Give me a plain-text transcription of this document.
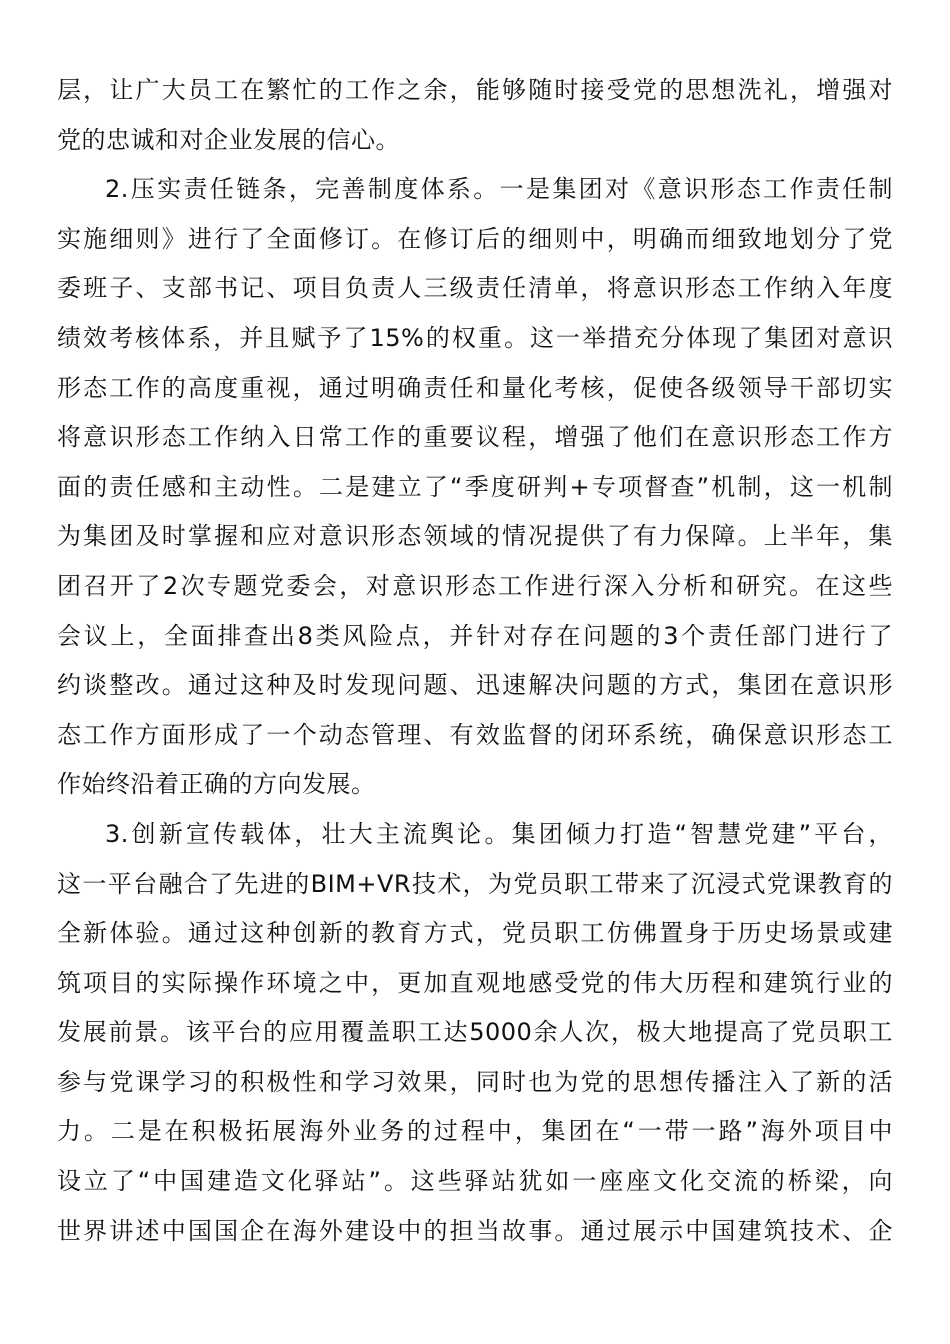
层，让广大员工在繁忙的工作之余，能够随时接受党的思想洗礼，增强对
党的忠诚和对企业发展的信心。
2.压实责任链条，完善制度体系。一是集团对《意识形态工作责任制
实施细则》进行了全面修订。在修订后的细则中，明确而细致地划分了党
委班子、支部书记、项目负责人三级责任清单，将意识形态工作纳入年度
绩效考核体系，并且赋予了15%的权重。这一举措充分体现了集团对意识
形态工作的高度重视，通过明确责任和量化考核，促使各级领导干部切实
将意识形态工作纳入日常工作的重要议程，增强了他们在意识形态工作方
面的责任感和主动性。二是建立了“季度研判+专项督查”机制，这一机制
为集团及时掌握和应对意识形态领域的情况提供了有力保障。上半年，集
团召开了2次专题党委会，对意识形态工作进行深入分析和研究。在这些
会议上，全面排查出8类风险点，并针对存在问题的3个责任部门进行了
约谈整改。通过这种及时发现问题、迅速解决问题的方式，集团在意识形
态工作方面形成了一个动态管理、有效监督的闭环系统，确保意识形态工
作始终沿着正确的方向发展。
3.创新宣传载体，壮大主流舆论。集团倾力打造“智慧党建”平台，
这一平台融合了先进的BIM+VR技术，为党员职工带来了沉浸式党课教育的
全新体验。通过这种创新的教育方式，党员职工仿佛置身于历史场景或建
筑项目的实际操作环境之中，更加直观地感受党的伟大历程和建筑行业的
发展前景。该平台的应用覆盖职工达5000余人次，极大地提高了党员职工
参与党课学习的积极性和学习效果，同时也为党的思想传播注入了新的活
力。二是在积极拓展海外业务的过程中，集团在“一带一路”海外项目中
设立了“中国建造文化驿站”。这些驿站犹如一座座文化交流的桥梁，向
世界讲述中国国企在海外建设中的担当故事。通过展示中国建筑技术、企
